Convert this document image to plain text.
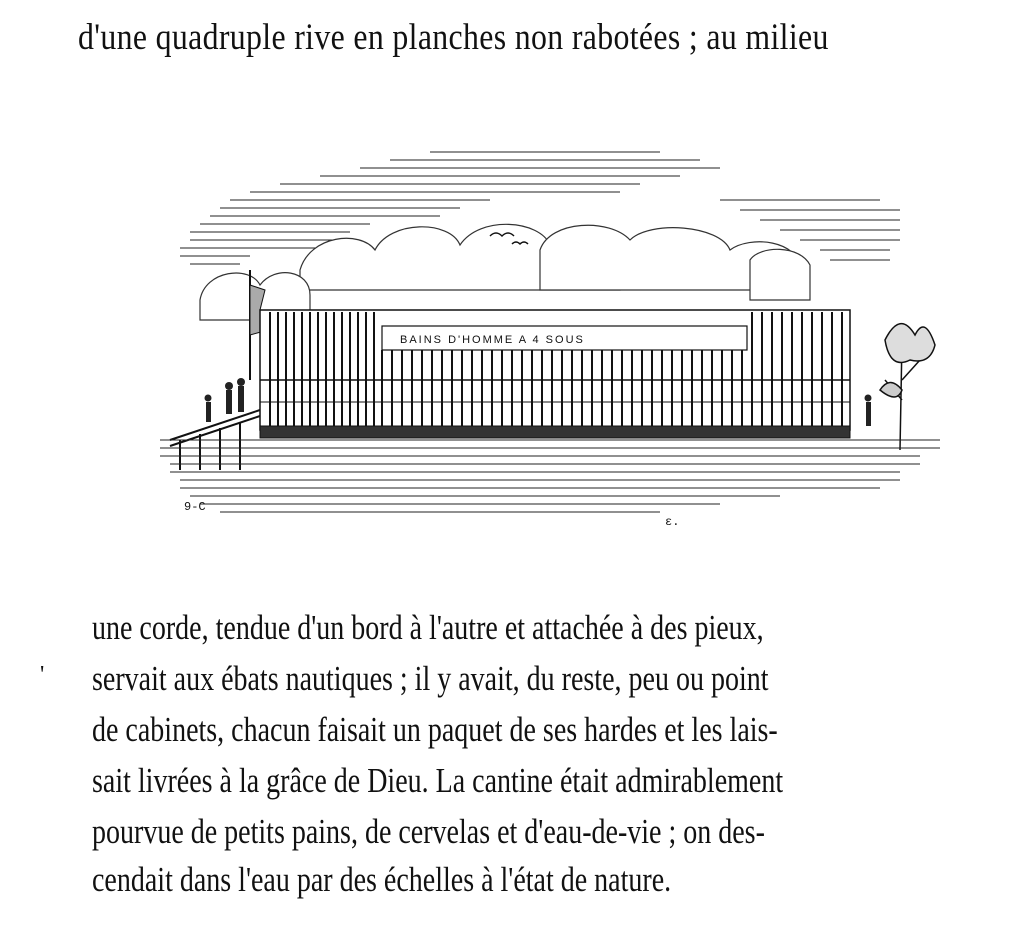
d'une quadruple rive en planches non rabotées ; au milieu
BAINS D'HOMME A 4 SOUS
9-C
ε.
'
une corde, tendue d'un bord à l'autre et attachée à des pieux,
servait aux ébats nautiques ; il y avait, du reste, peu ou point
de cabinets, chacun faisait un paquet de ses hardes et les lais-
sait livrées à la grâce de Dieu. La cantine était admirablement
pourvue de petits pains, de cervelas et d'eau-de-vie ; on des-
cendait dans l'eau par des échelles à l'état de nature.
